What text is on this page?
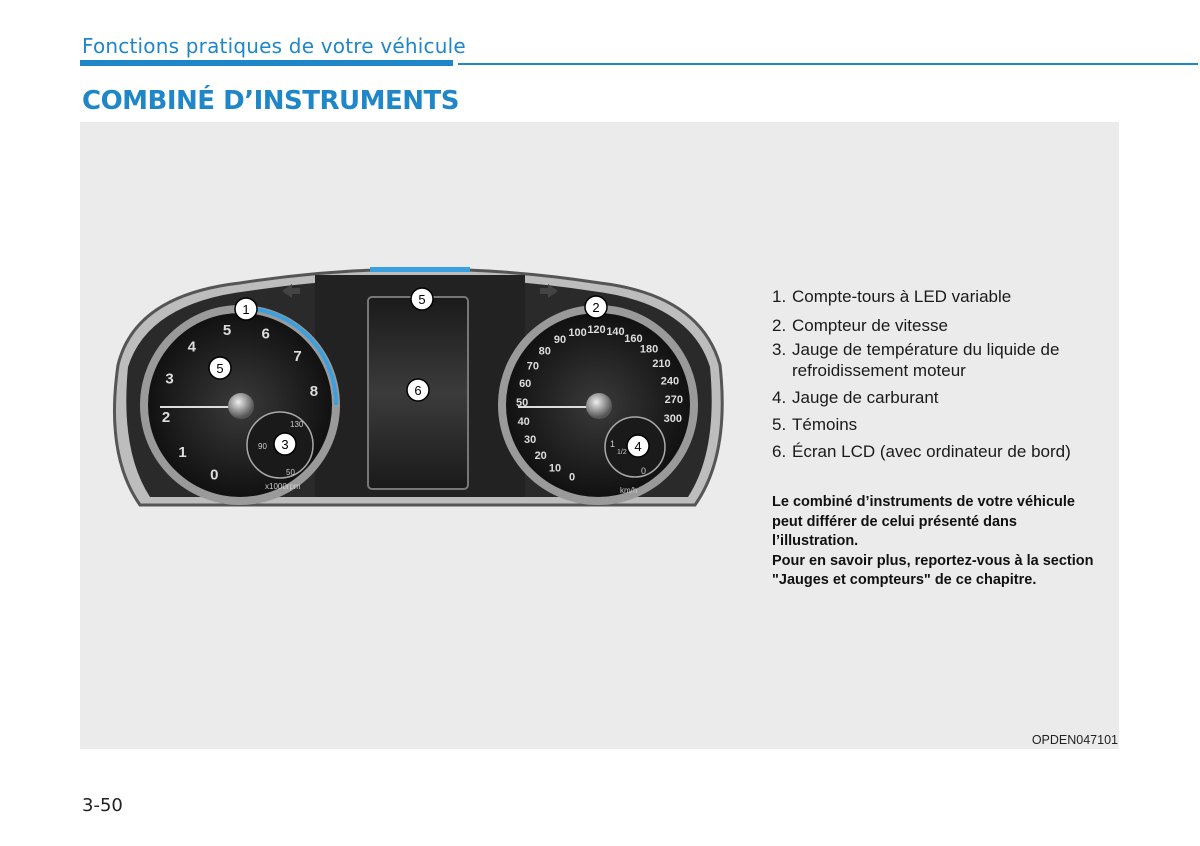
Fonctions pratiques de votre véhicule
COMBINÉ D’INSTRUMENTS
0
1
2
3
4
5 6
7
8
130
90
50
x1000rpm
0
10
20
30
40
50
60
70
80
90
100 120 140
160
180
210
240
270
300
1
1/2
0
km/h
1	2
3	4
5
5
6
1. Compte-tours à LED variable
2. Compteur de vitesse
3. Jauge de température du liquide de refroidissement moteur
4. Jauge de carburant
5. Témoins
6. Écran LCD (avec ordinateur de bord)

Le combiné d’instruments de votre véhicule peut différer de celui présenté dans l’illustration.

Pour en savoir plus, reportez-vous à la section "Jauges et compteurs" de ce chapitre.

OPDEN047101
3-50
